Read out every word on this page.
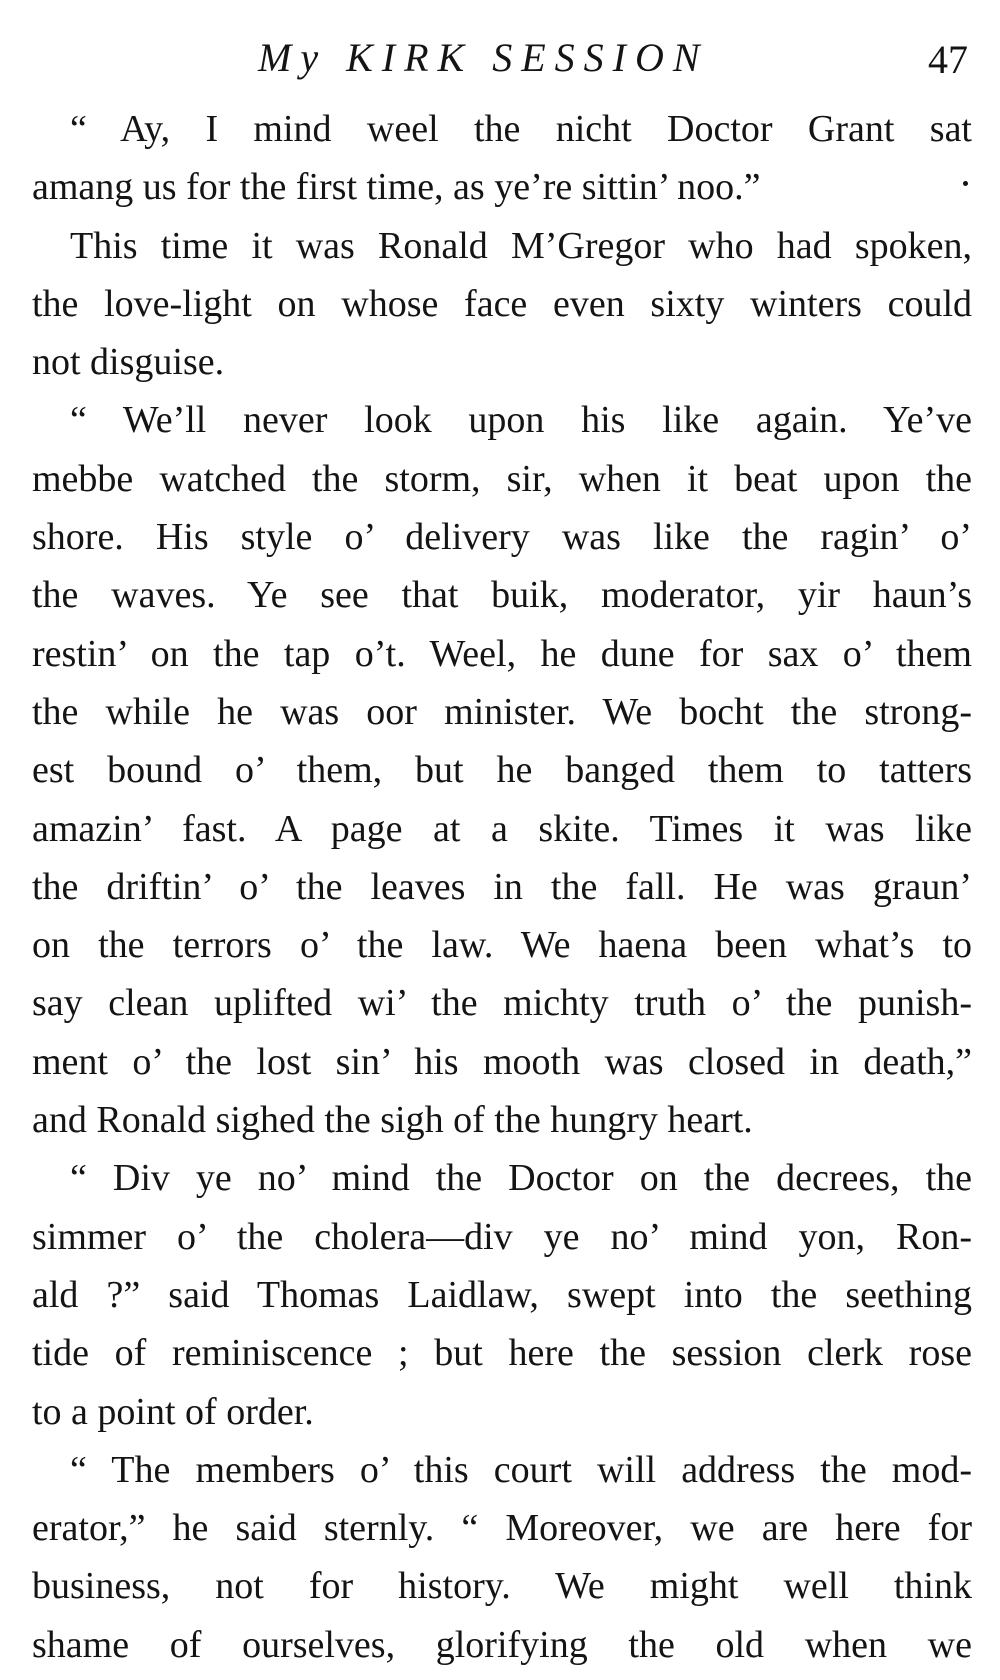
My KIRK SESSION	47
“ Ay, I mind weel the nicht Doctor Grant sat
amang us for the first time, as ye’re sittin’ noo.”
This time it was Ronald M’Gregor who had spoken,
the love-light on whose face even sixty winters could
not disguise.
“ We’ll never look upon his like again. Ye’ve
mebbe watched the storm, sir, when it beat upon the
shore. His style o’ delivery was like the ragin’ o’
the waves. Ye see that buik, moderator, yir haun’s
restin’ on the tap o’t. Weel, he dune for sax o’ them
the while he was oor minister. We bocht the strong-
est bound o’ them, but he banged them to tatters
amazin’ fast. A page at a skite. Times it was like
the driftin’ o’ the leaves in the fall. He was graun’
on the terrors o’ the law. We haena been what’s to
say clean uplifted wi’ the michty truth o’ the punish-
ment o’ the lost sin’ his mooth was closed in death,”
and Ronald sighed the sigh of the hungry heart.
“ Div ye no’ mind the Doctor on the decrees, the
simmer o’ the cholera—div ye no’ mind yon, Ron-
ald ?” said Thomas Laidlaw, swept into the seething
tide of reminiscence ; but here the session clerk rose
to a point of order.
“ The members o’ this court will address the mod-
erator,” he said sternly. “ Moreover, we are here for
business, not for history. We might well think
shame of ourselves, glorifying the old when we
